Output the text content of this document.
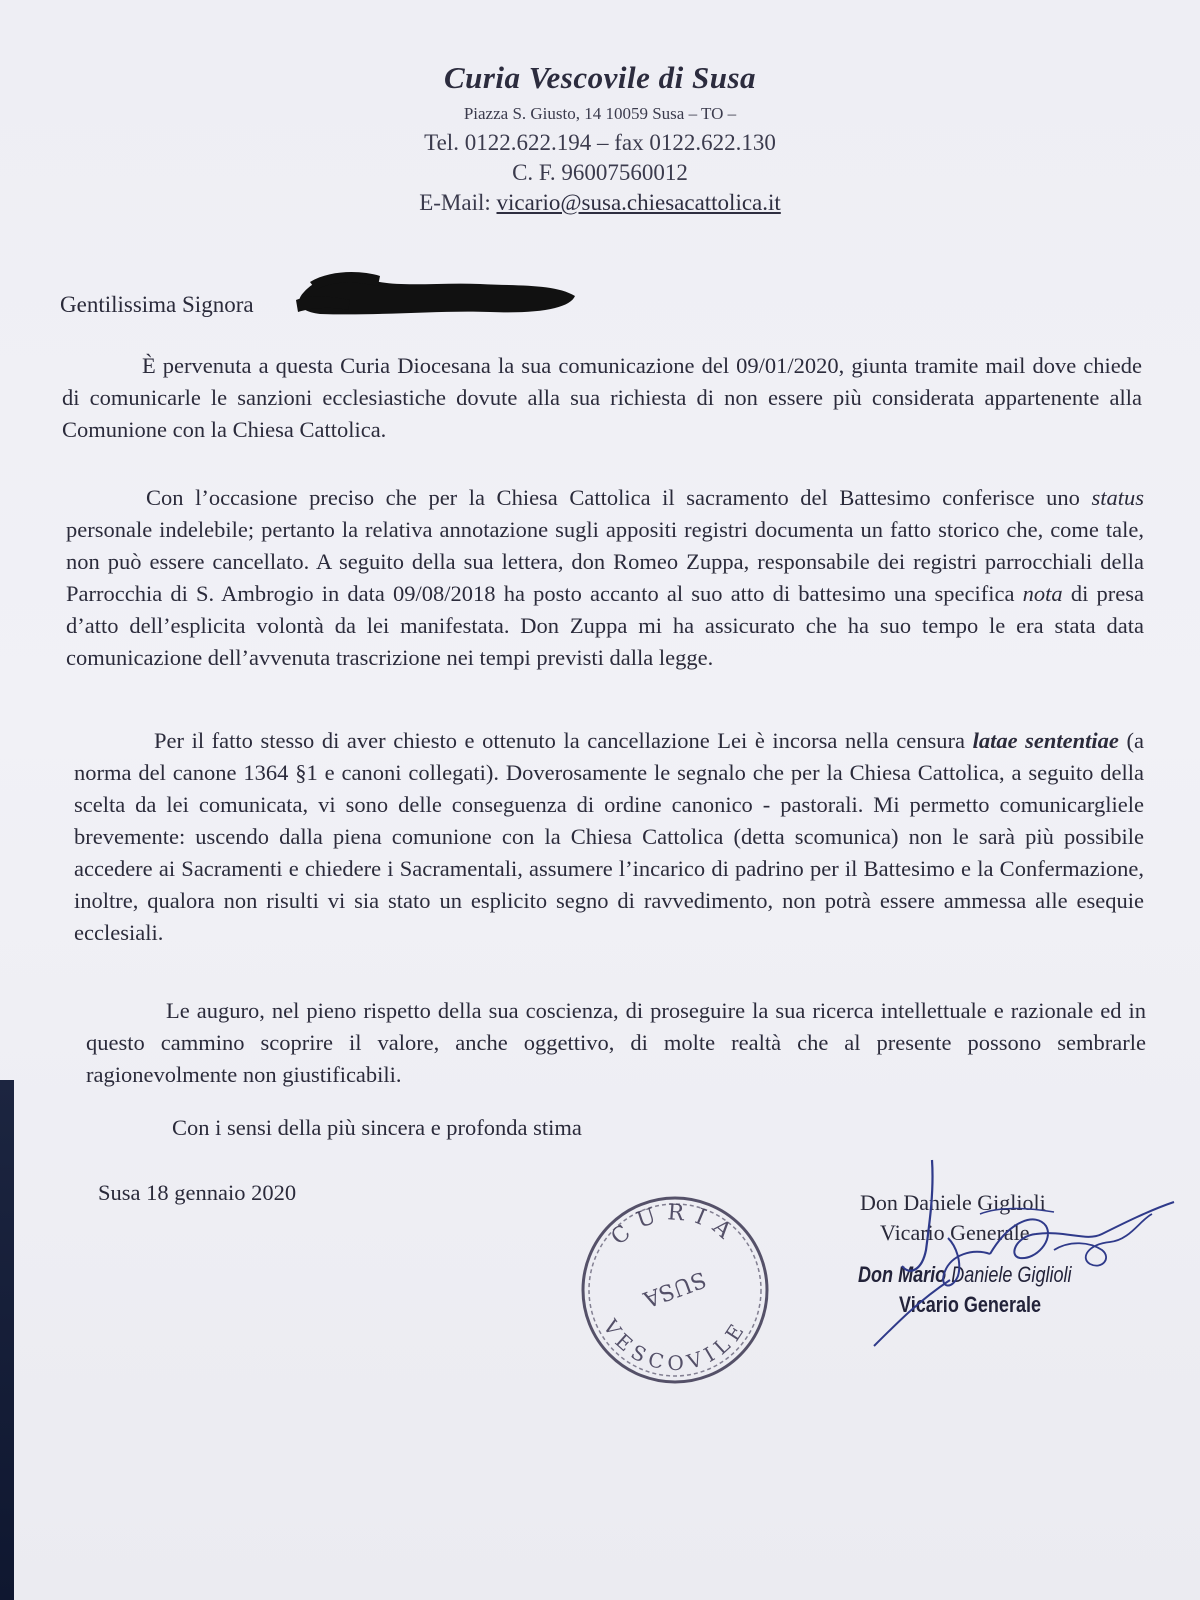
Curia Vescovile di Susa
Piazza S. Giusto, 14 10059 Susa – TO –
Tel. 0122.622.194 – fax 0122.622.130
C. F. 96007560012
E-Mail: vicario@susa.chiesacattolica.it
Gentilissima Signora

È pervenuta a questa Curia Diocesana la sua comunicazione del 09/01/2020, giunta tramite mail dove chiede di comunicarle le sanzioni ecclesiastiche dovute alla sua richiesta di non essere più considerata appartenente alla Comunione con la Chiesa Cattolica.

Con l’occasione preciso che per la Chiesa Cattolica il sacramento del Battesimo conferisce uno status personale indelebile; pertanto la relativa annotazione sugli appositi registri documenta un fatto storico che, come tale, non può essere cancellato. A seguito della sua lettera, don Romeo Zuppa, responsabile dei registri parrocchiali della Parrocchia di S. Ambrogio in data 09/08/2018 ha posto accanto al suo atto di battesimo una specifica nota di presa d’atto dell’esplicita volontà da lei manifestata. Don Zuppa mi ha assicurato che ha suo tempo le era stata data comunicazione dell’avvenuta trascrizione nei tempi previsti dalla legge.

Per il fatto stesso di aver chiesto e ottenuto la cancellazione Lei è incorsa nella censura latae sententiae (a norma del canone 1364 §1 e canoni collegati). Doverosamente le segnalo che per la Chiesa Cattolica, a seguito della scelta da lei comunicata, vi sono delle conseguenza di ordine canonico - pastorali. Mi permetto comunicargliele brevemente: uscendo dalla piena comunione con la Chiesa Cattolica (detta scomunica) non le sarà più possibile accedere ai Sacramenti e chiedere i Sacramentali, assumere l’incarico di padrino per il Battesimo e la Confermazione, inoltre, qualora non risulti vi sia stato un esplicito segno di ravvedimento, non potrà essere ammessa alle esequie ecclesiali.

Le auguro, nel pieno rispetto della sua coscienza, di proseguire la sua ricerca intellettuale e razionale ed in questo cammino scoprire il valore, anche oggettivo, di molte realtà che al presente possono sembrarle ragionevolmente non giustificabili.

Con i sensi della più sincera e profonda stima
Susa 18 gennaio 2020
CURIA
VESCOVILE
SUSA
Don Daniele Giglioli
Vicario Generale
Don Mario Daniele Giglioli
Vicario Generale
